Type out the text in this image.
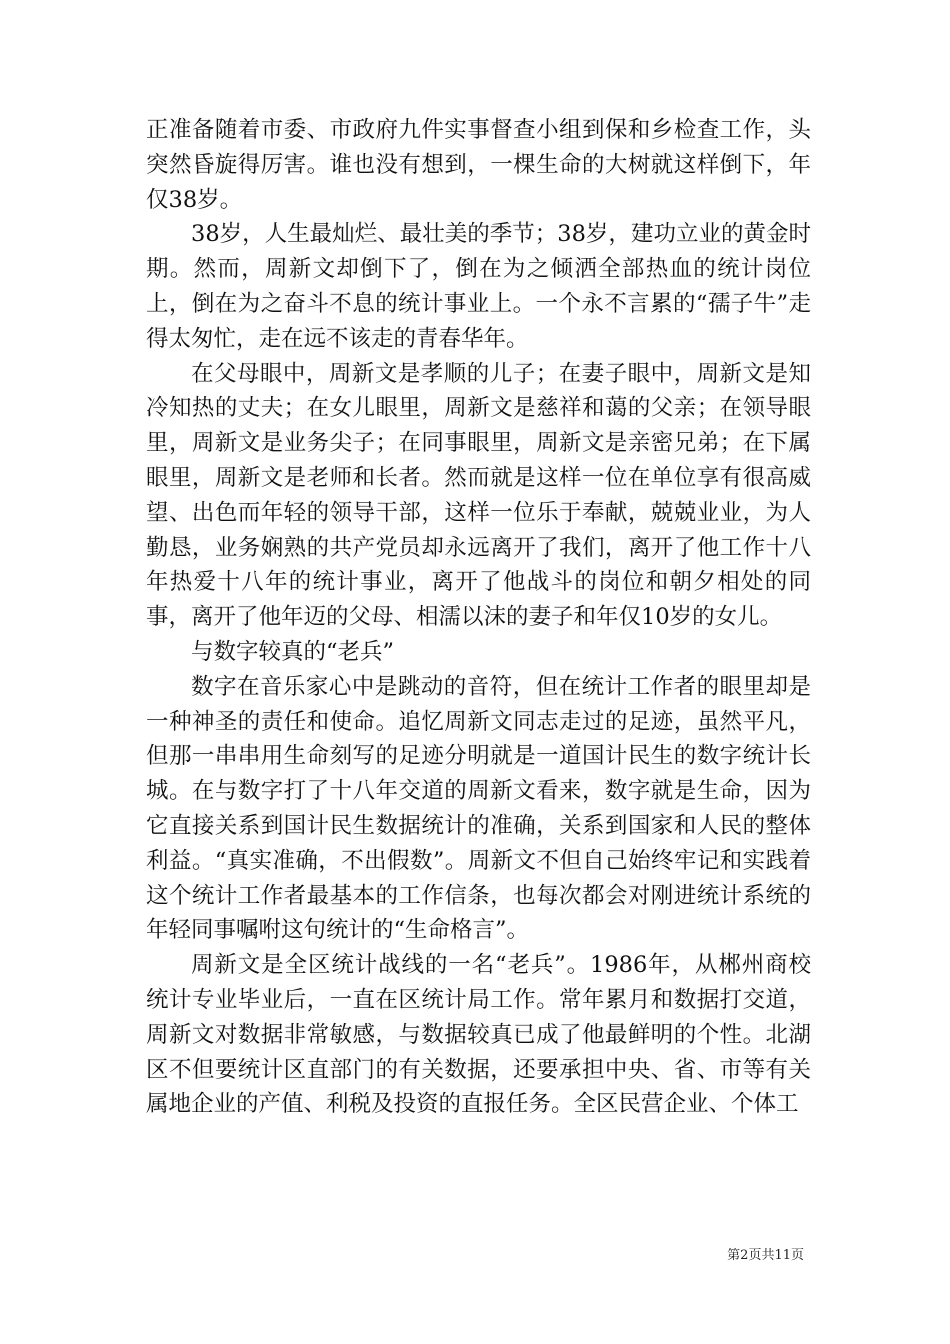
正准备随着市委、市政府九件实事督查小组到保和乡检查工作，头突然昏旋得厉害。谁也没有想到，一棵生命的大树就这样倒下，年仅38岁。

38岁，人生最灿烂、最壮美的季节；38岁，建功立业的黄金时期。然而，周新文却倒下了，倒在为之倾洒全部热血的统计岗位上，倒在为之奋斗不息的统计事业上。一个永不言累的“孺子牛”走得太匆忙，走在远不该走的青春华年。

在父母眼中，周新文是孝顺的儿子；在妻子眼中，周新文是知冷知热的丈夫；在女儿眼里，周新文是慈祥和蔼的父亲；在领导眼里，周新文是业务尖子；在同事眼里，周新文是亲密兄弟；在下属眼里，周新文是老师和长者。然而就是这样一位在单位享有很高威望、出色而年轻的领导干部，这样一位乐于奉献，兢兢业业，为人勤恳，业务娴熟的共产党员却永远离开了我们，离开了他工作十八年热爱十八年的统计事业，离开了他战斗的岗位和朝夕相处的同事，离开了他年迈的父母、相濡以沫的妻子和年仅10岁的女儿。

与数字较真的“老兵”

数字在音乐家心中是跳动的音符，但在统计工作者的眼里却是一种神圣的责任和使命。追忆周新文同志走过的足迹，虽然平凡，但那一串串用生命刻写的足迹分明就是一道国计民生的数字统计长城。在与数字打了十八年交道的周新文看来，数字就是生命，因为它直接关系到国计民生数据统计的准确，关系到国家和人民的整体利益。“真实准确，不出假数”。周新文不但自己始终牢记和实践着这个统计工作者最基本的工作信条，也每次都会对刚进统计系统的年轻同事嘱咐这句统计的“生命格言”。

周新文是全区统计战线的一名“老兵”。1986年，从郴州商校统计专业毕业后，一直在区统计局工作。常年累月和数据打交道，周新文对数据非常敏感，与数据较真已成了他最鲜明的个性。北湖区不但要统计区直部门的有关数据，还要承担中央、省、市等有关属地企业的产值、利税及投资的直报任务。全区民营企业、个体工

第2页共11页
